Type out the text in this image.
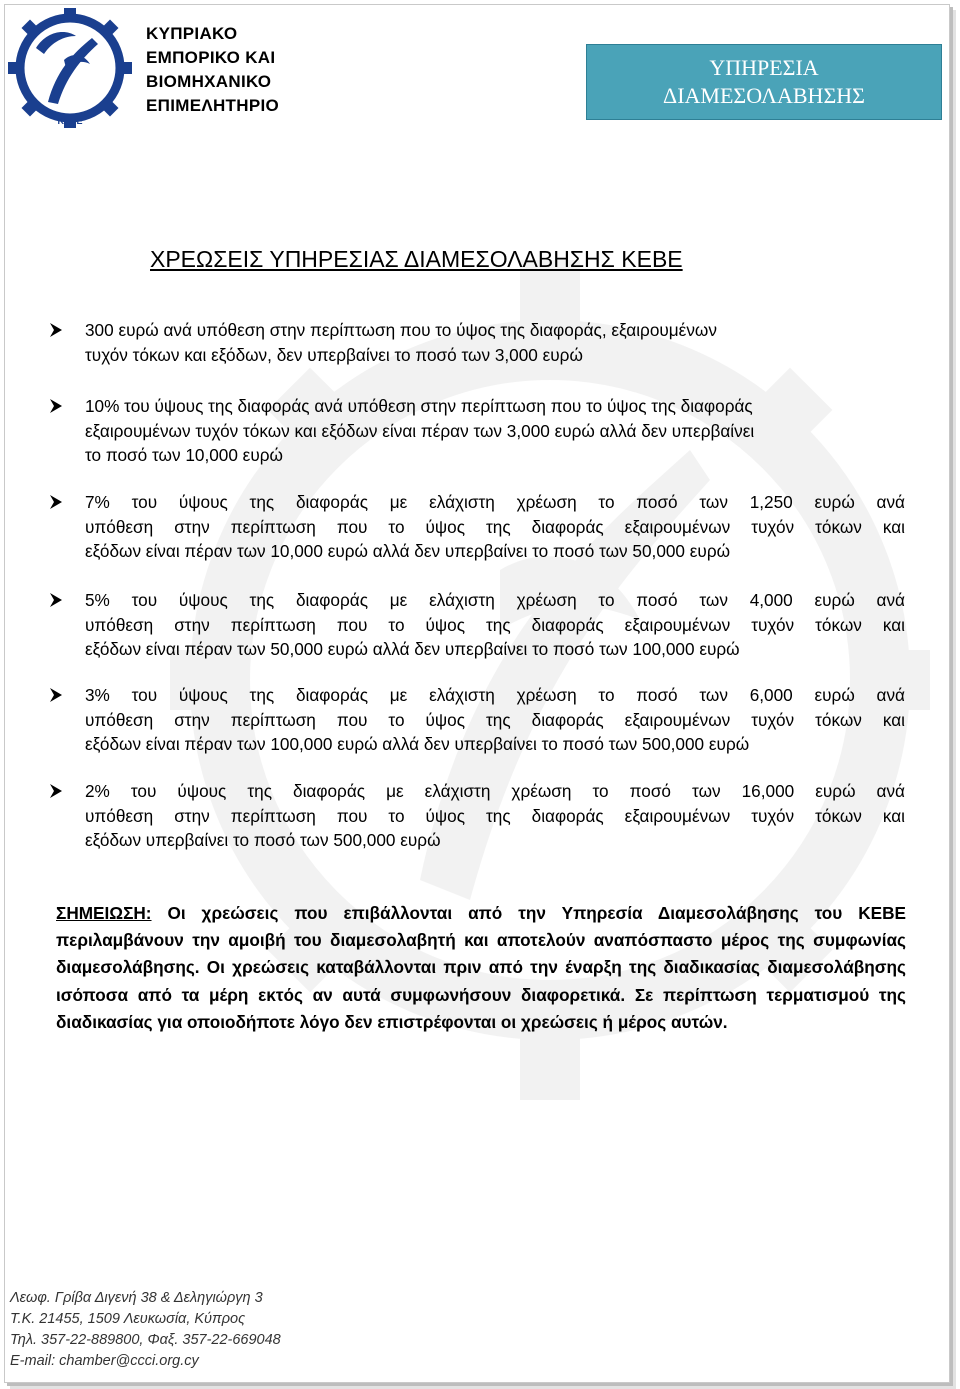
ΚΕΒΕ
ΚΥΠΡΙΑΚΟ
ΕΜΠΟΡΙΚΟ ΚΑΙ
ΒΙΟΜΗΧΑΝΙΚΟ
ΕΠΙΜΕΛΗΤΗΡΙΟ
ΥΠΗΡΕΣΙΑ
ΔΙΑΜΕΣΟΛΑΒΗΣΗΣ
ΧΡΕΩΣΕΙΣ ΥΠΗΡΕΣΙΑΣ ΔΙΑΜΕΣΟΛΑΒΗΣΗΣ ΚΕΒΕ

300 ευρώ ανά υπόθεση στην περίπτωση που το ύψος της διαφοράς, εξαιρουμένων

τυχόν τόκων και εξόδων, δεν υπερβαίνει το ποσό των 3,000 ευρώ

10% του ύψους της διαφοράς ανά υπόθεση στην περίπτωση που το ύψος της διαφοράς

εξαιρουμένων τυχόν τόκων και εξόδων είναι πέραν των 3,000 ευρώ αλλά δεν υπερβαίνει

το ποσό των 10,000 ευρώ

7% του ύψους της διαφοράς με ελάχιστη χρέωση το ποσό των 1,250 ευρώ ανά

υπόθεση στην περίπτωση που το ύψος της διαφοράς εξαιρουμένων τυχόν τόκων και

εξόδων είναι πέραν των 10,000 ευρώ αλλά δεν υπερβαίνει το ποσό των 50,000 ευρώ

5% του ύψους της διαφοράς με ελάχιστη χρέωση το ποσό των 4,000 ευρώ ανά

υπόθεση στην περίπτωση που το ύψος της διαφοράς εξαιρουμένων τυχόν τόκων και

εξόδων είναι πέραν των 50,000 ευρώ αλλά δεν υπερβαίνει το ποσό των 100,000 ευρώ

3% του ύψους της διαφοράς με ελάχιστη χρέωση το ποσό των 6,000 ευρώ ανά

υπόθεση στην περίπτωση που το ύψος της διαφοράς εξαιρουμένων τυχόν τόκων και

εξόδων είναι πέραν των 100,000 ευρώ αλλά δεν υπερβαίνει το ποσό των 500,000 ευρώ

2% του ύψους της διαφοράς με ελάχιστη χρέωση το ποσό των 16,000 ευρώ ανά

υπόθεση στην περίπτωση που το ύψος της διαφοράς εξαιρουμένων τυχόν τόκων και

εξόδων υπερβαίνει το ποσό των 500,000 ευρώ

ΣΗΜΕΙΩΣΗ: Οι χρεώσεις που επιβάλλονται από την Υπηρεσία Διαμεσολάβησης του ΚΕΒΕ περιλαμβάνουν την αμοιβή του διαμεσολαβητή και αποτελούν αναπόσπαστο μέρος της συμφωνίας διαμεσολάβησης. Οι χρεώσεις καταβάλλονται πριν από την έναρξη της διαδικασίας διαμεσολάβησης ισόποσα από τα μέρη εκτός αν αυτά συμφωνήσουν διαφορετικά. Σε περίπτωση τερματισμού της διαδικασίας για οποιοδήποτε λόγο δεν επιστρέφονται οι χρεώσεις ή μέρος αυτών.
Λεωφ. Γρίβα Διγενή 38 & Δεληγιώργη 3
Τ.Κ. 21455, 1509 Λευκωσία, Κύπρος
Τηλ. 357-22-889800, Φαξ. 357-22-669048
E-mail: chamber@ccci.org.cy
